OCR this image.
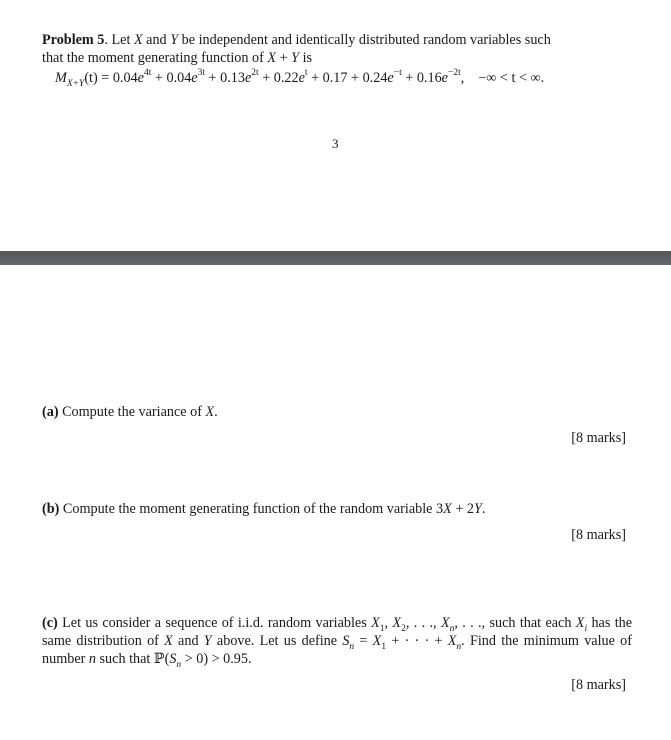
Problem 5. Let X and Y be independent and identically distributed random variables such
that the moment generating function of X + Y is
$M_{X+Y}(t) = 0.04e^{4t} + 0.04e^{3t} + 0.13e^{2t} + 0.22e^t + 0.17 + 0.24e^{-t} + 0.16e^{-2t}$, −∞ < t < ∞.
3
(a) Compute the variance of X.
[8 marks]
(b) Compute the moment generating function of the random variable 3X + 2Y.
[8 marks]
(c) Let us consider a sequence of i.i.d. random variables $X_1$, $X_2$, . . ., $X_n$, . . ., such that each $X_i$ has the same distribution of X and Y above. Let us define $S_n = X_1$ + · · · + $X_n$. Find the minimum value of number n such that $ℙ(S_n > 0) > 0.95$.
[8 marks]
